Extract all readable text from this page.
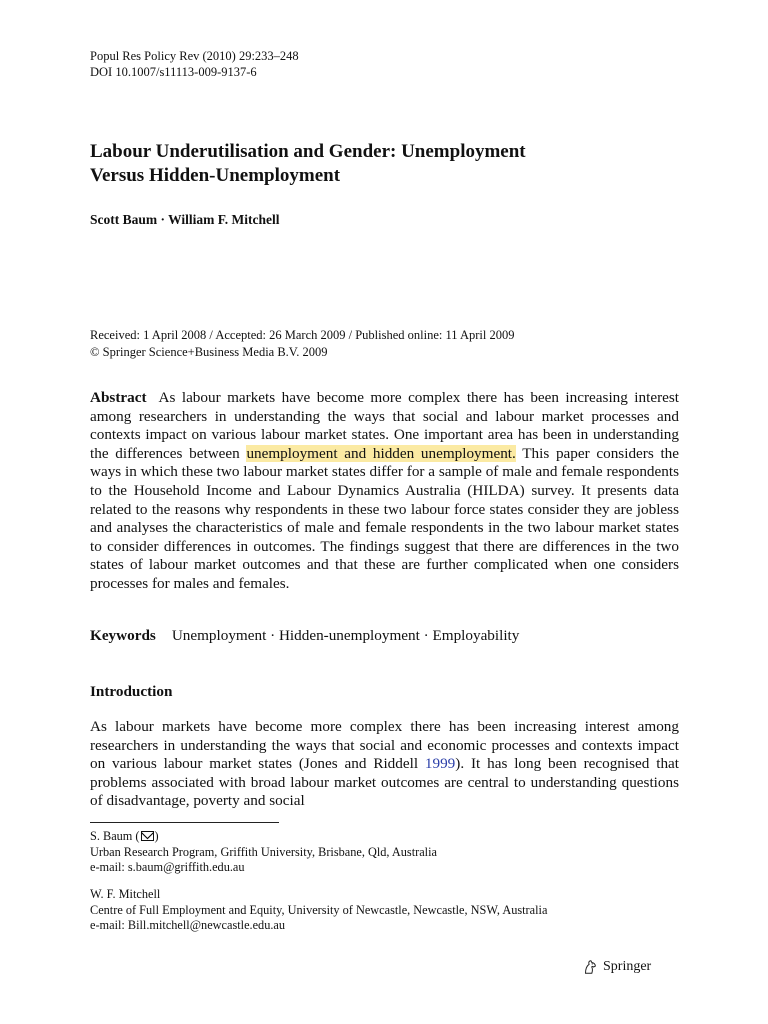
Popul Res Policy Rev (2010) 29:233–248
DOI 10.1007/s11113-009-9137-6
Labour Underutilisation and Gender: Unemployment
Versus Hidden-Unemployment
Scott Baum · William F. Mitchell
Received: 1 April 2008 / Accepted: 26 March 2009 / Published online: 11 April 2009
© Springer Science+Business Media B.V. 2009

Abstract As labour markets have become more complex there has been increasing interest among researchers in understanding the ways that social and labour market processes and contexts impact on various labour market states. One important area has been in understanding the differences between unemployment and hidden unemployment. This paper considers the ways in which these two labour market states differ for a sample of male and female respondents to the Household Income and Labour Dynamics Australia (HILDA) survey. It presents data related to the reasons why respondents in these two labour force states consider they are jobless and analyses the characteristics of male and female respondents in the two labour market states to consider differences in outcomes. The findings suggest that there are differences in the two states of labour market outcomes and that these are further complicated when one considers processes for males and females.

Keywords Unemployment · Hidden-unemployment · Employability
Introduction

As labour markets have become more complex there has been increasing interest among researchers in understanding the ways that social and economic processes and contexts impact on various labour market states (Jones and Riddell 1999). It has long been recognised that problems associated with broad labour market outcomes are central to understanding questions of disadvantage, poverty and social

S. Baum ( )
Urban Research Program, Griffith University, Brisbane, Qld, Australia
e-mail: s.baum@griffith.edu.au
W. F. Mitchell
Centre of Full Employment and Equity, University of Newcastle, Newcastle, NSW, Australia
e-mail: Bill.mitchell@newcastle.edu.au
Springer
